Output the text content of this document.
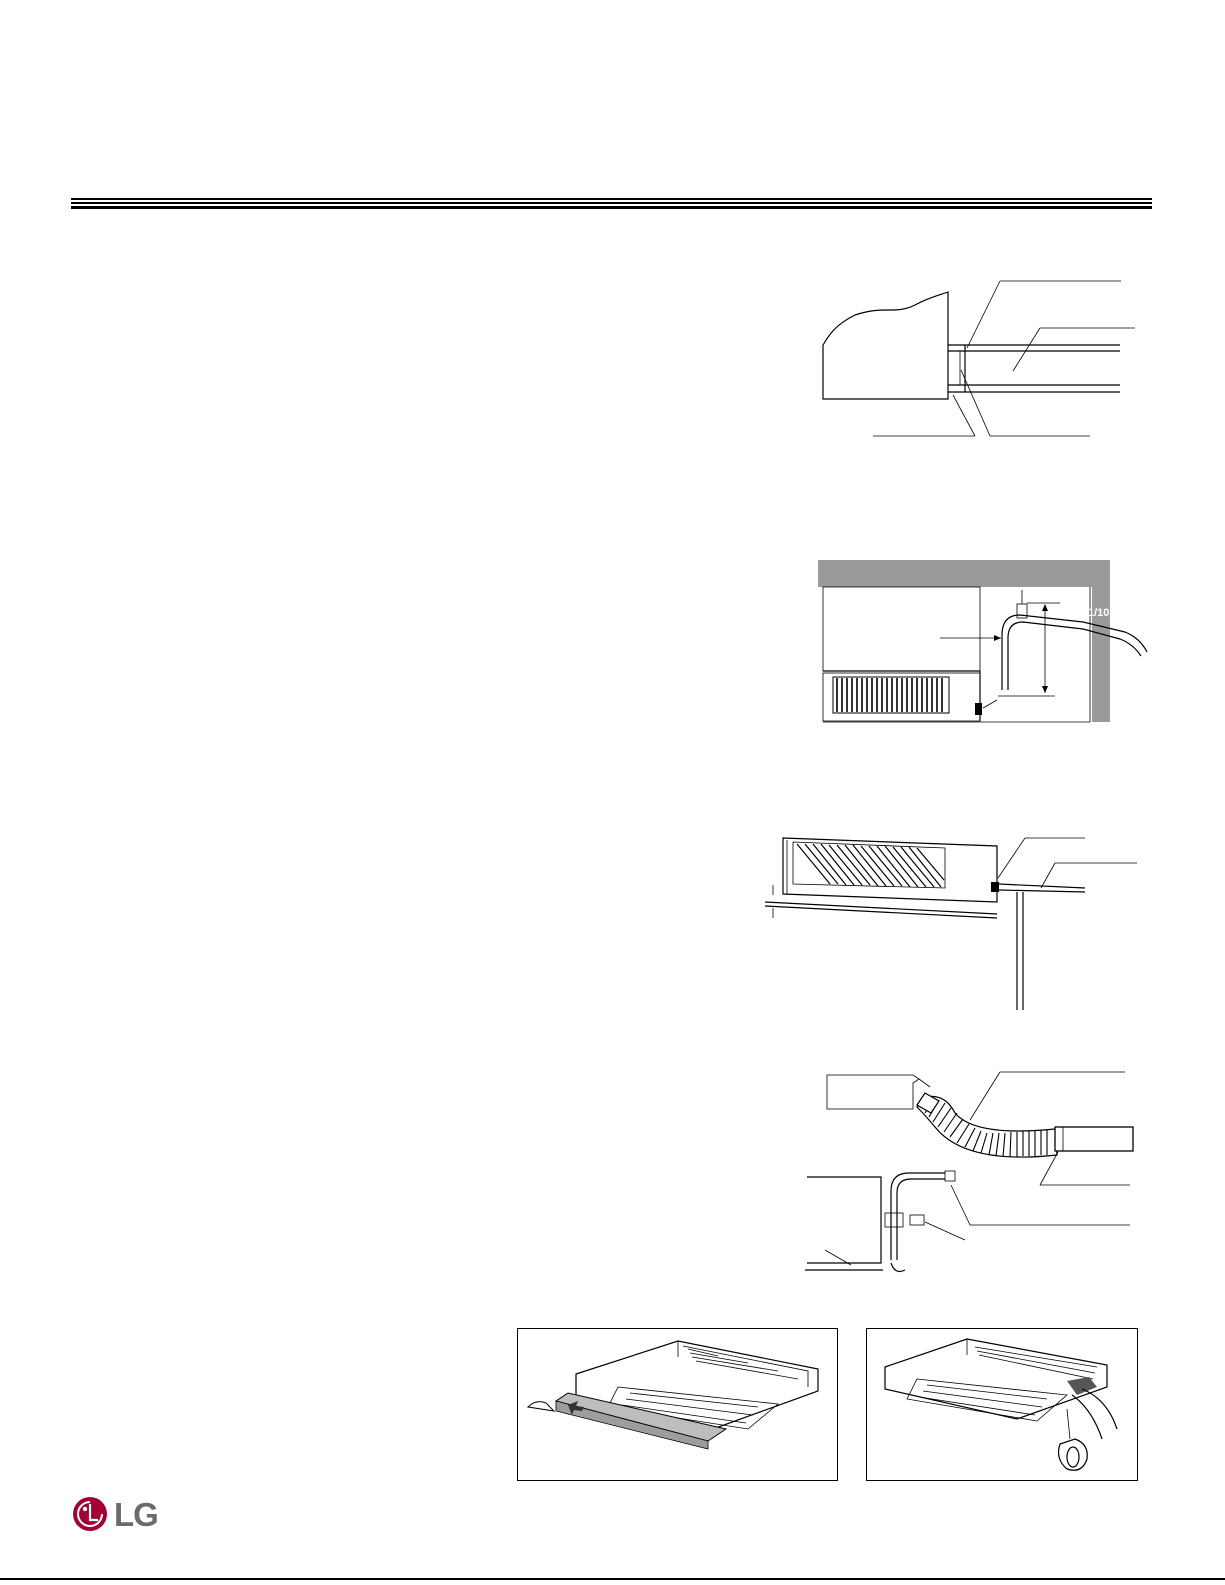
1/10
LG
